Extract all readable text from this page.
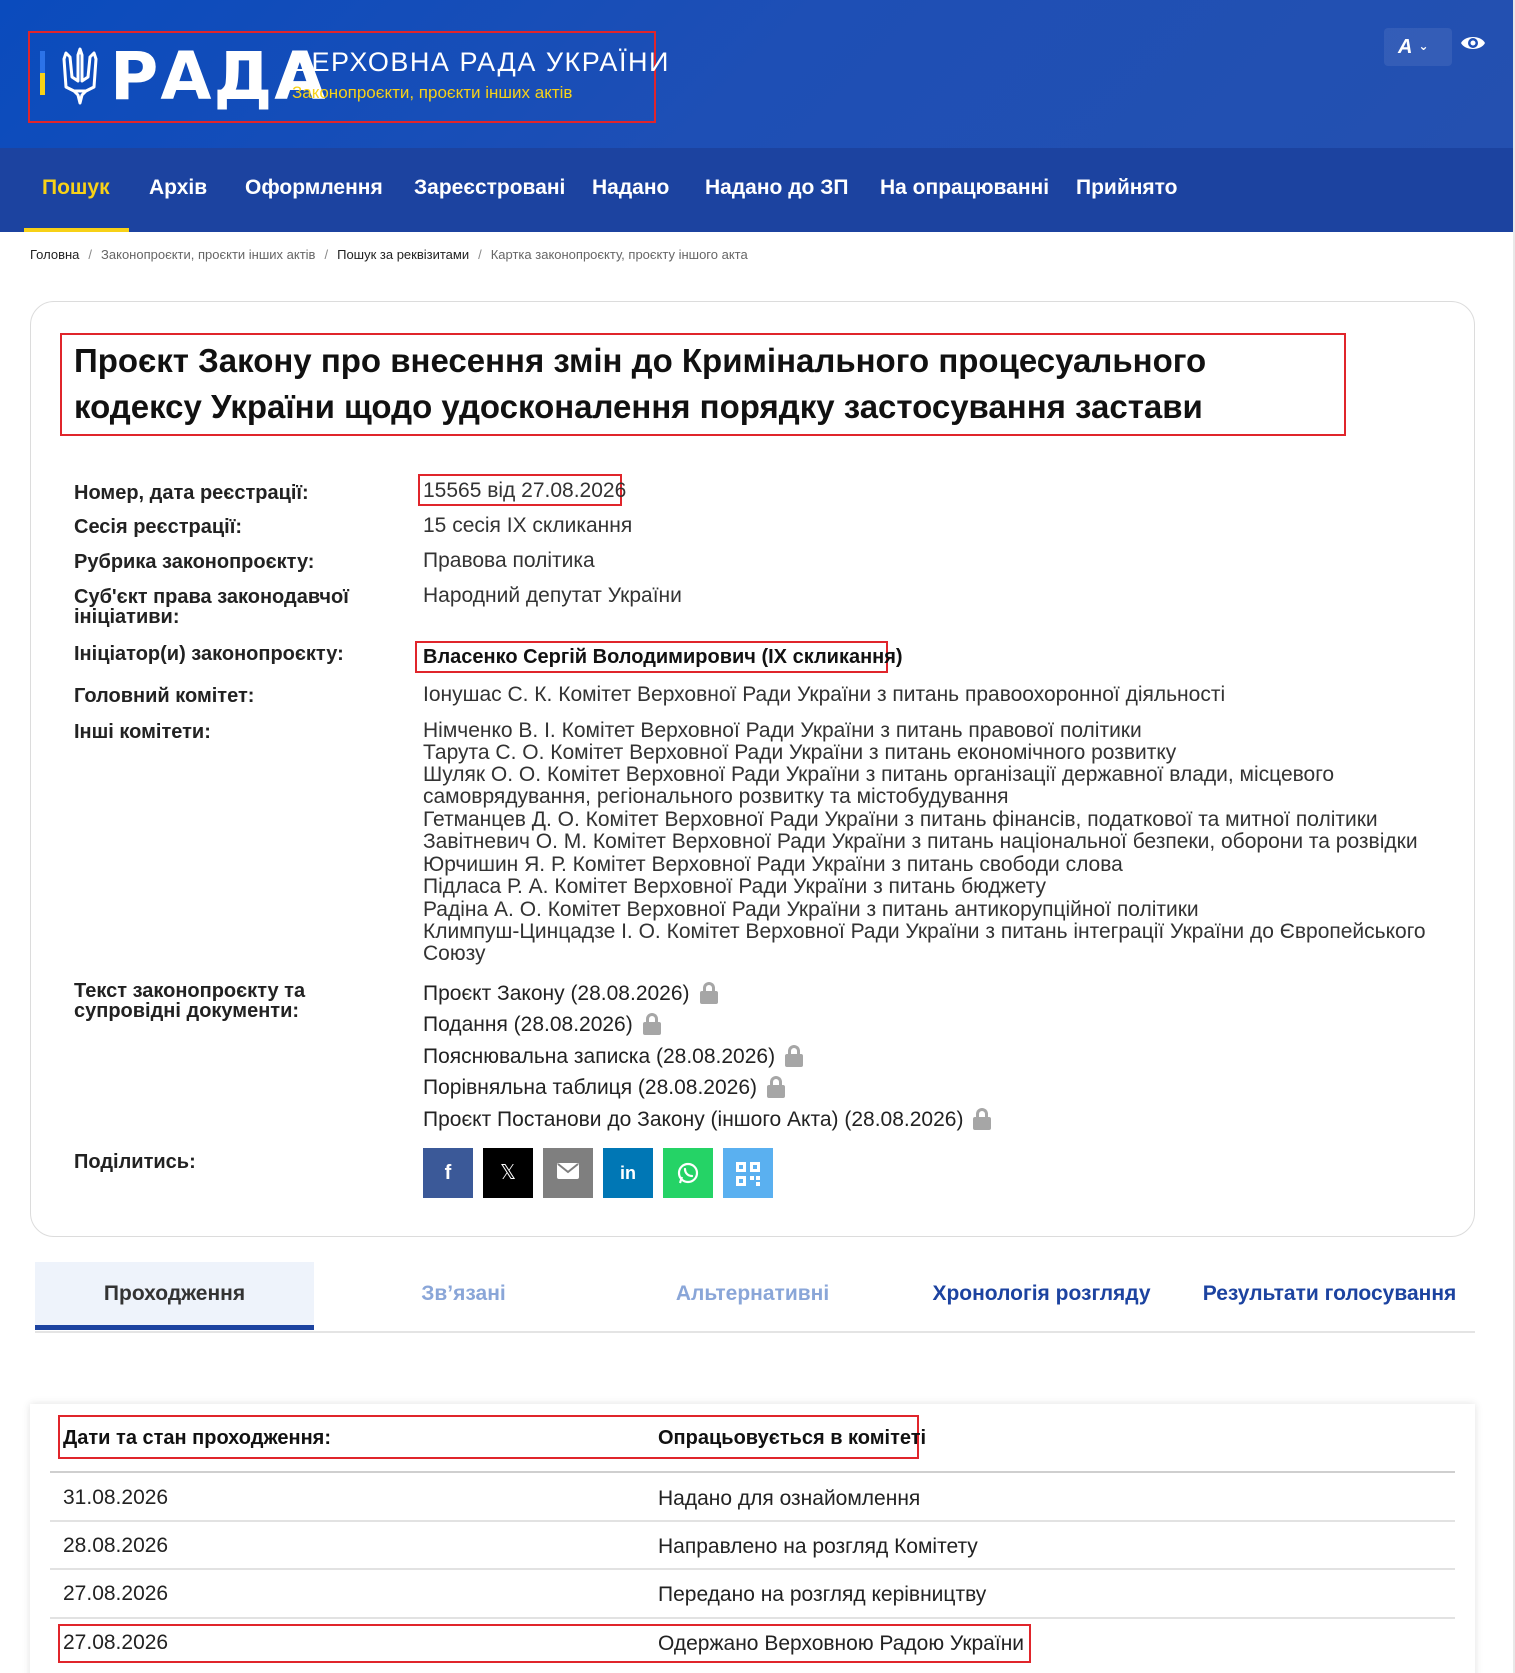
РАДА
ВЕРХОВНА РАДА УКРАЇНИ
Законопроєкти, проєкти інших актів
A ⌄
Пошук Архів Оформлення Зареєстровані Надано Надано до ЗП На опрацюванні Прийнято
Головна / Законопроєкти, проєкти інших актів / Пошук за реквізитами / Картка законопроєкту, проєкту іншого акта
Проєкт Закону про внесення змін до Кримінального процесуального кодексу України щодо удосконалення порядку застосування застави
Номер, дата реєстрації:	15565 від 27.08.2026
Сесія реєстрації:	15 сесія IX скликання
Рубрика законопроєкту:	Правова політика
Суб'єкт права законодавчої ініціативи:
Народний депутат України
Ініціатор(и) законопроєкту:	Власенко Сергій Володимирович (IX скликання)
Головний комітет:	Іонушас С. К. Комітет Верховної Ради України з питань правоохоронної діяльності
Інші комітети:	Німченко В. І. Комітет Верховної Ради України з питань правової політики
Тарута С. О. Комітет Верховної Ради України з питань економічного розвитку
Шуляк О. О. Комітет Верховної Ради України з питань організації державної влади, місцевого
самоврядування, регіонального розвитку та містобудування
Гетманцев Д. О. Комітет Верховної Ради України з питань фінансів, податкової та митної політики
Завітневич О. М. Комітет Верховної Ради України з питань національної безпеки, оборони та розвідки
Юрчишин Я. Р. Комітет Верховної Ради України з питань свободи слова
Підласа Р. А. Комітет Верховної Ради України з питань бюджету
Радіна А. О. Комітет Верховної Ради України з питань антикорупційної політики
Климпуш-Цинцадзе І. О. Комітет Верховної Ради України з питань інтеграції України до Європейського
Союзу
Текст законопроєкту та супровідні документи:
Проєкт Закону (28.08.2026)
Подання (28.08.2026)
Пояснювальна записка (28.08.2026)
Порівняльна таблиця (28.08.2026)
Проєкт Постанови до Закону (іншого Акта) (28.08.2026)
Поділитись:	f	𝕏	in
Проходження	Зв’язані	Альтернативні	Хронологія розгляду	Результати голосування
Дати та стан проходження:	Опрацьовується в комітеті
31.08.2026	Надано для ознайомлення
28.08.2026	Направлено на розгляд Комітету
27.08.2026	Передано на розгляд керівництву
27.08.2026	Одержано Верховною Радою України
